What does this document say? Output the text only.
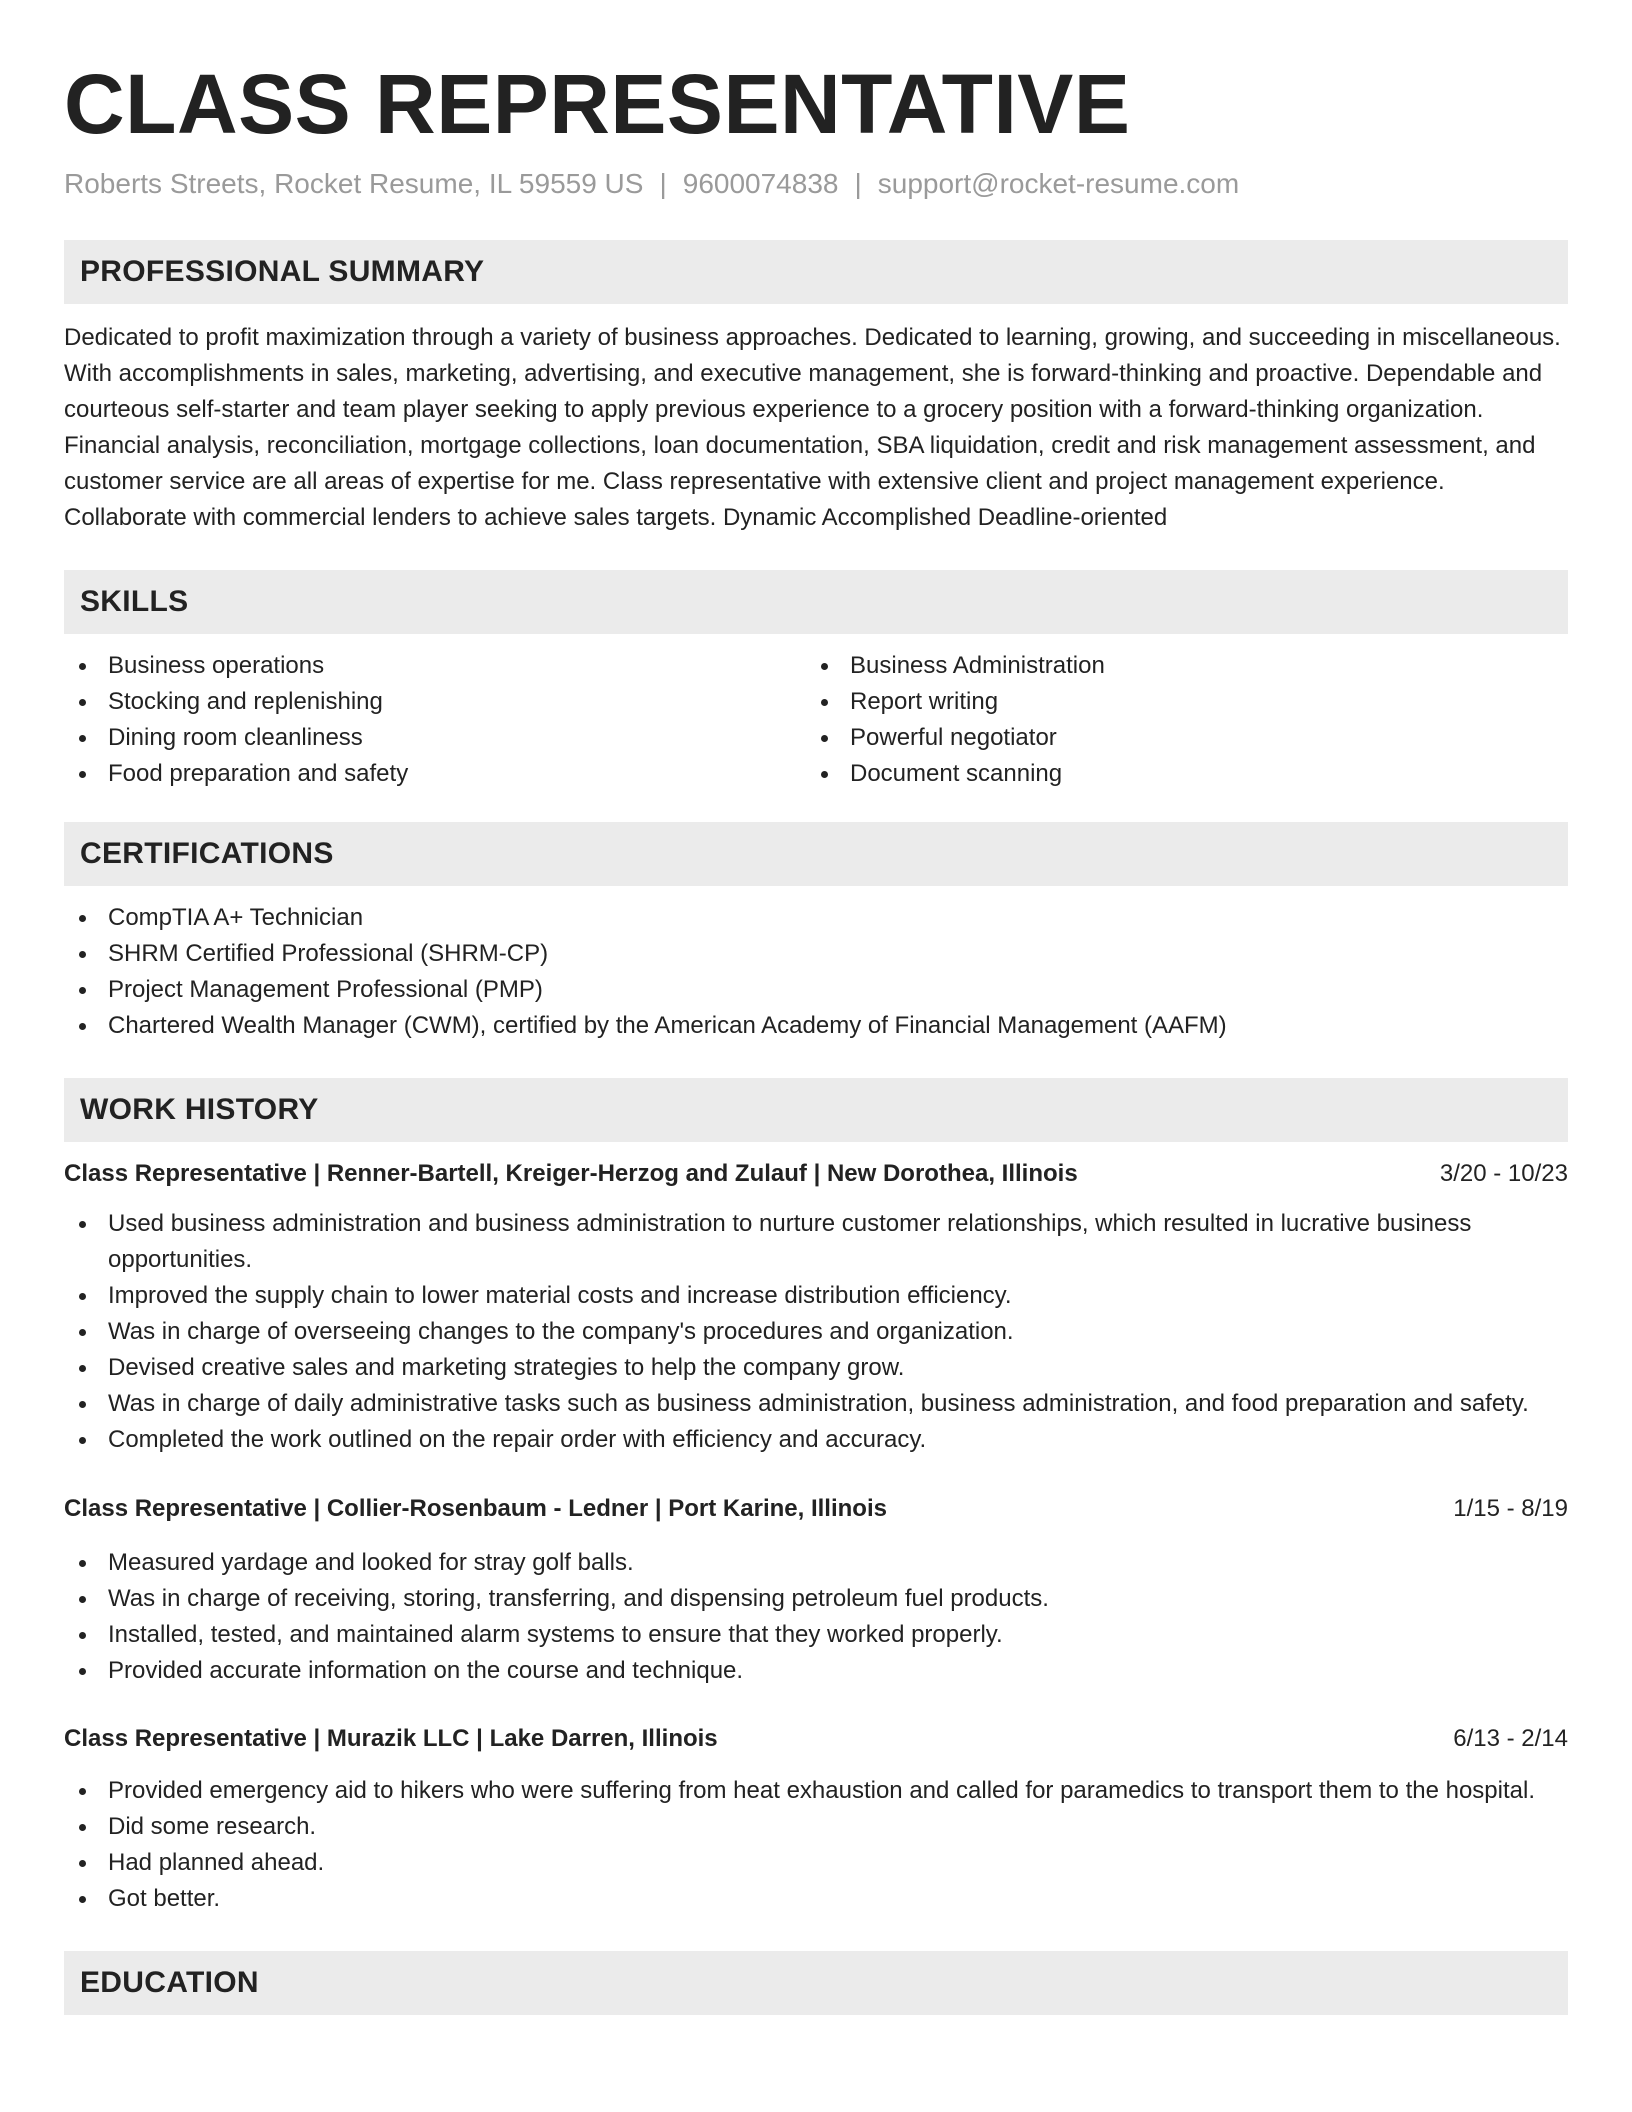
CLASS REPRESENTATIVE
Roberts Streets, Rocket Resume, IL 59559 US | 9600074838 | support@rocket-resume.com
PROFESSIONAL SUMMARY

Dedicated to profit maximization through a variety of business approaches. Dedicated to learning, growing, and succeeding in miscellaneous. With accomplishments in sales, marketing, advertising, and executive management, she is forward-thinking and proactive. Dependable and courteous self-starter and team player seeking to apply previous experience to a grocery position with a forward-thinking organization. Financial analysis, reconciliation, mortgage collections, loan documentation, SBA liquidation, credit and risk management assessment, and customer service are all areas of expertise for me. Class representative with extensive client and project management experience. Collaborate with commercial lenders to achieve sales targets. Dynamic Accomplished Deadline-oriented

SKILLS
Business operations
Stocking and replenishing
Dining room cleanliness
Food preparation and safety
Business Administration
Report writing
Powerful negotiator
Document scanning
CERTIFICATIONS
CompTIA A+ Technician
SHRM Certified Professional (SHRM-CP)
Project Management Professional (PMP)
Chartered Wealth Manager (CWM), certified by the American Academy of Financial Management (AAFM)
WORK HISTORY
Class Representative | Renner-Bartell, Kreiger-Herzog and Zulauf | New Dorothea, Illinois	3/20 - 10/23
Used business administration and business administration to nurture customer relationships, which resulted in lucrative business opportunities.
Improved the supply chain to lower material costs and increase distribution efficiency.
Was in charge of overseeing changes to the company's procedures and organization.
Devised creative sales and marketing strategies to help the company grow.
Was in charge of daily administrative tasks such as business administration, business administration, and food preparation and safety.
Completed the work outlined on the repair order with efficiency and accuracy.
Class Representative | Collier-Rosenbaum - Ledner | Port Karine, Illinois	1/15 - 8/19
Measured yardage and looked for stray golf balls.
Was in charge of receiving, storing, transferring, and dispensing petroleum fuel products.
Installed, tested, and maintained alarm systems to ensure that they worked properly.
Provided accurate information on the course and technique.
Class Representative | Murazik LLC | Lake Darren, Illinois	6/13 - 2/14
Provided emergency aid to hikers who were suffering from heat exhaustion and called for paramedics to transport them to the hospital.
Did some research.
Had planned ahead.
Got better.
EDUCATION
